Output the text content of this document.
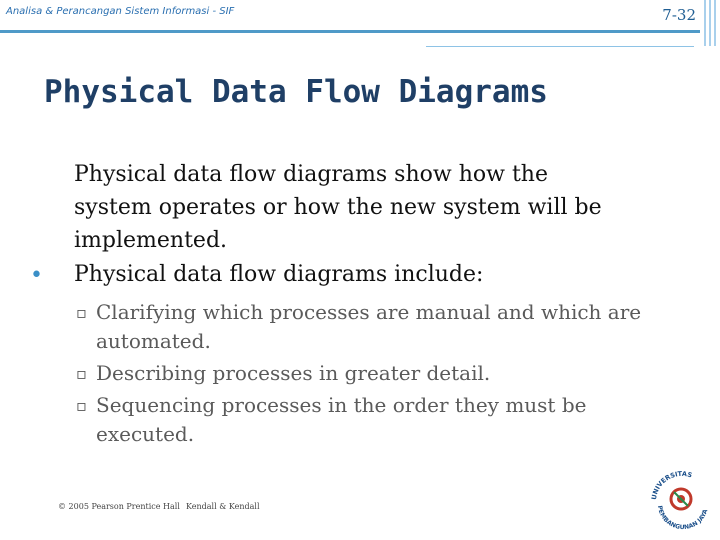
Analisa & Perancangan Sistem Informasi - SIF	7-32
Physical Data Flow Diagrams
Physical data flow diagrams show how the
system operates or how the new system will be
implemented.
• Physical data flow diagrams include:
▫ Clarifying which processes are manual and which are
automated.
▫ Describing processes in greater detail.
▫ Sequencing processes in the order they must be
executed.
© 2005 Pearson Prentice Hall Kendall & Kendall
UNIVERSITAS
PEMBANGUNAN JAYA
